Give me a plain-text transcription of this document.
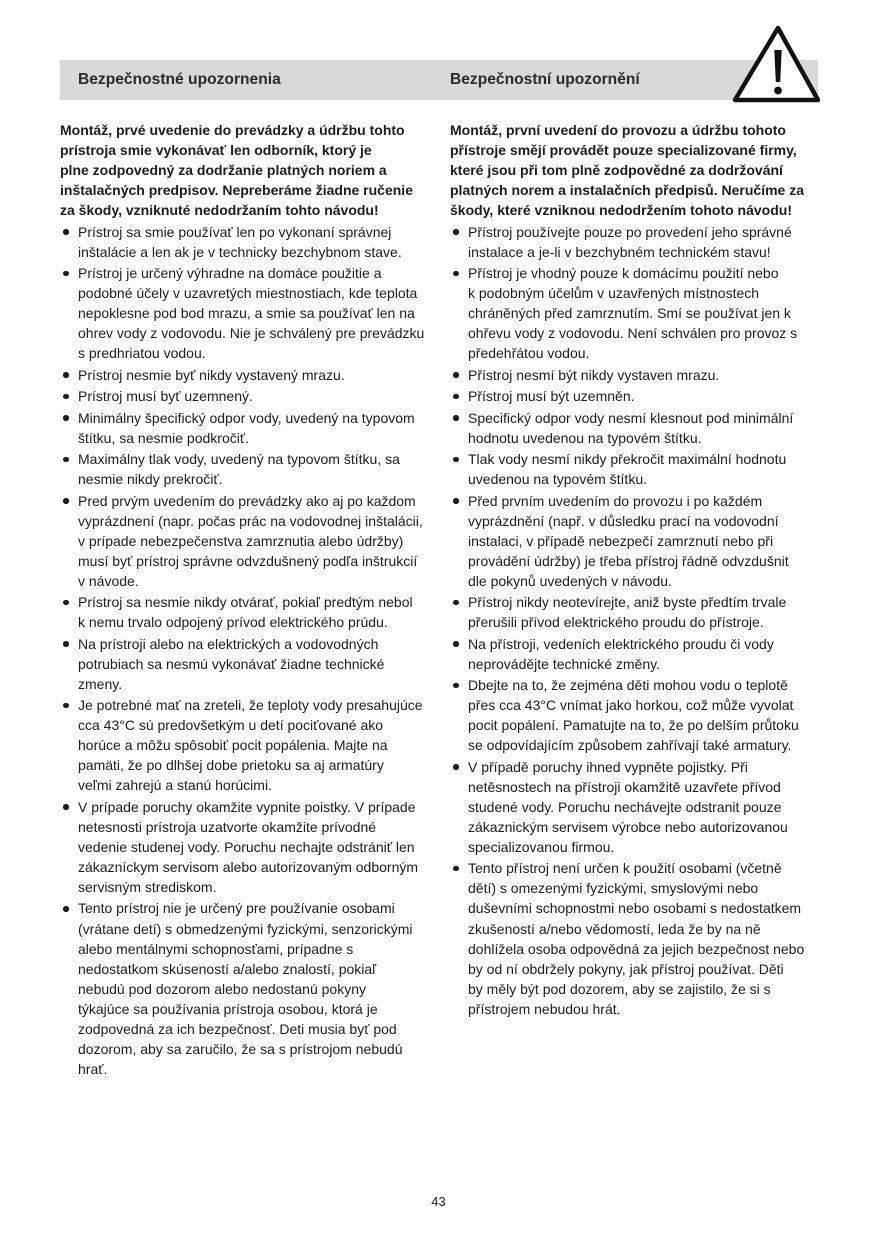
Bezpečnostné upozornenia	Bezpečnostní upozornění
Montáž, prvé uvedenie do prevádzky a údržbu tohto
prístroja smie vykonávať len odborník, ktorý je
plne zodpovedný za dodržanie platných noriem a
inštalačných predpisov. Nepreberáme žiadne ručenie
za škody, vzniknuté nedodržaním tohto návodu!
Prístroj sa smie používať len po vykonaní správnej
inštalácie a len ak je v technicky bezchybnom stave.
Prístroj je určený výhradne na domáce použitie a
podobné účely v uzavretých miestnostiach, kde teplota
nepoklesne pod bod mrazu, a smie sa používať len na
ohrev vody z vodovodu. Nie je schválený pre prevádzku
s predhriatou vodou.
Prístroj nesmie byť nikdy vystavený mrazu.
Prístroj musí byť uzemnený.
Minimálny špecifický odpor vody, uvedený na typovom
štítku, sa nesmie podkročiť.
Maximálny tlak vody, uvedený na typovom štítku, sa
nesmie nikdy prekročiť.
Pred prvým uvedením do prevádzky ako aj po každom
vyprázdnení (napr. počas prác na vodovodnej inštalácii,
v prípade nebezpečenstva zamrznutia alebo údržby)
musí byť prístroj správne odvzdušnený podľa inštrukcií
v návode.
Prístroj sa nesmie nikdy otvárať, pokiaľ predtým nebol
k nemu trvalo odpojený prívod elektrického prúdu.
Na prístroji alebo na elektrických a vodovodných
potrubiach sa nesmú vykonávať žiadne technické
zmeny.
Je potrebné mať na zreteli, že teploty vody presahujúce
cca 43°C sú predovšetkým u detí pociťované ako
horúce a môžu spôsobiť pocit popálenia. Majte na
pamäti, že po dlhšej dobe prietoku sa aj armatúry
veľmi zahrejú a stanú horúcimi.
V prípade poruchy okamžite vypnite poistky. V prípade
netesnosti prístroja uzatvorte okamžite prívodné
vedenie studenej vody. Poruchu nechajte odstrániť len
zákazníckym servisom alebo autorizovaným odborným
servisným strediskom.
Tento prístroj nie je určený pre používanie osobami
(vrátane detí) s obmedzenými fyzickými, senzorickými
alebo mentálnymi schopnosťami, prípadne s
nedostatkom skúseností a/alebo znalostí, pokiaľ
nebudú pod dozorom alebo nedostanú pokyny
týkajúce sa používania prístroja osobou, ktorá je
zodpovedná za ich bezpečnosť. Deti musia byť pod
dozorom, aby sa zaručilo, že sa s prístrojom nebudú
hrať.
Montáž, první uvedení do provozu a údržbu tohoto
přístroje smějí provádět pouze specializované firmy,
které jsou při tom plně zodpovědné za dodržování
platných norem a instalačních předpisů. Neručíme za
škody, které vzniknou nedodržením tohoto návodu!
Přístroj používejte pouze po provedení jeho správné
instalace a je-li v bezchybném technickém stavu!
Přístroj je vhodný pouze k domácímu použití nebo
k podobným účelům v uzavřených místnostech
chráněných před zamrznutím. Smí se používat jen k
ohřevu vody z vodovodu. Není schválen pro provoz s
předehřátou vodou.
Přístroj nesmí být nikdy vystaven mrazu.
Přístroj musí být uzemněn.
Specifický odpor vody nesmí klesnout pod minimální
hodnotu uvedenou na typovém štítku.
Tlak vody nesmí nikdy překročit maximální hodnotu
uvedenou na typovém štítku.
Před prvním uvedením do provozu i po každém
vyprázdnění (např. v důsledku prací na vodovodní
instalaci, v případě nebezpečí zamrznutí nebo při
provádění údržby) je třeba přístroj řádně odvzdušnit
dle pokynů uvedených v návodu.
Přístroj nikdy neotevírejte, aniž byste předtím trvale
přerušili přívod elektrického proudu do přístroje.
Na přístroji, vedeních elektrického proudu či vody
neprovádějte technické změny.
Dbejte na to, že zejména děti mohou vodu o teplotě
přes cca 43°C vnímat jako horkou, což může vyvolat
pocit popálení. Pamatujte na to, že po delším průtoku
se odpovídajícím způsobem zahřívají také armatury.
V případě poruchy ihned vypněte pojistky. Při
netěsnostech na přístroji okamžitě uzavřete přívod
studené vody. Poruchu nechávejte odstranit pouze
zákaznickým servisem výrobce nebo autorizovanou
specializovanou firmou.
Tento přístroj není určen k použití osobami (včetně
dětí) s omezenými fyzickými, smyslovými nebo
duševními schopnostmi nebo osobami s nedostatkem
zkušeností a/nebo vědomostí, leda že by na ně
dohlížela osoba odpovědná za jejich bezpečnost nebo
by od ní obdržely pokyny, jak přístroj používat. Děti
by měly být pod dozorem, aby se zajistilo, že si s
přístrojem nebudou hrát.
43
